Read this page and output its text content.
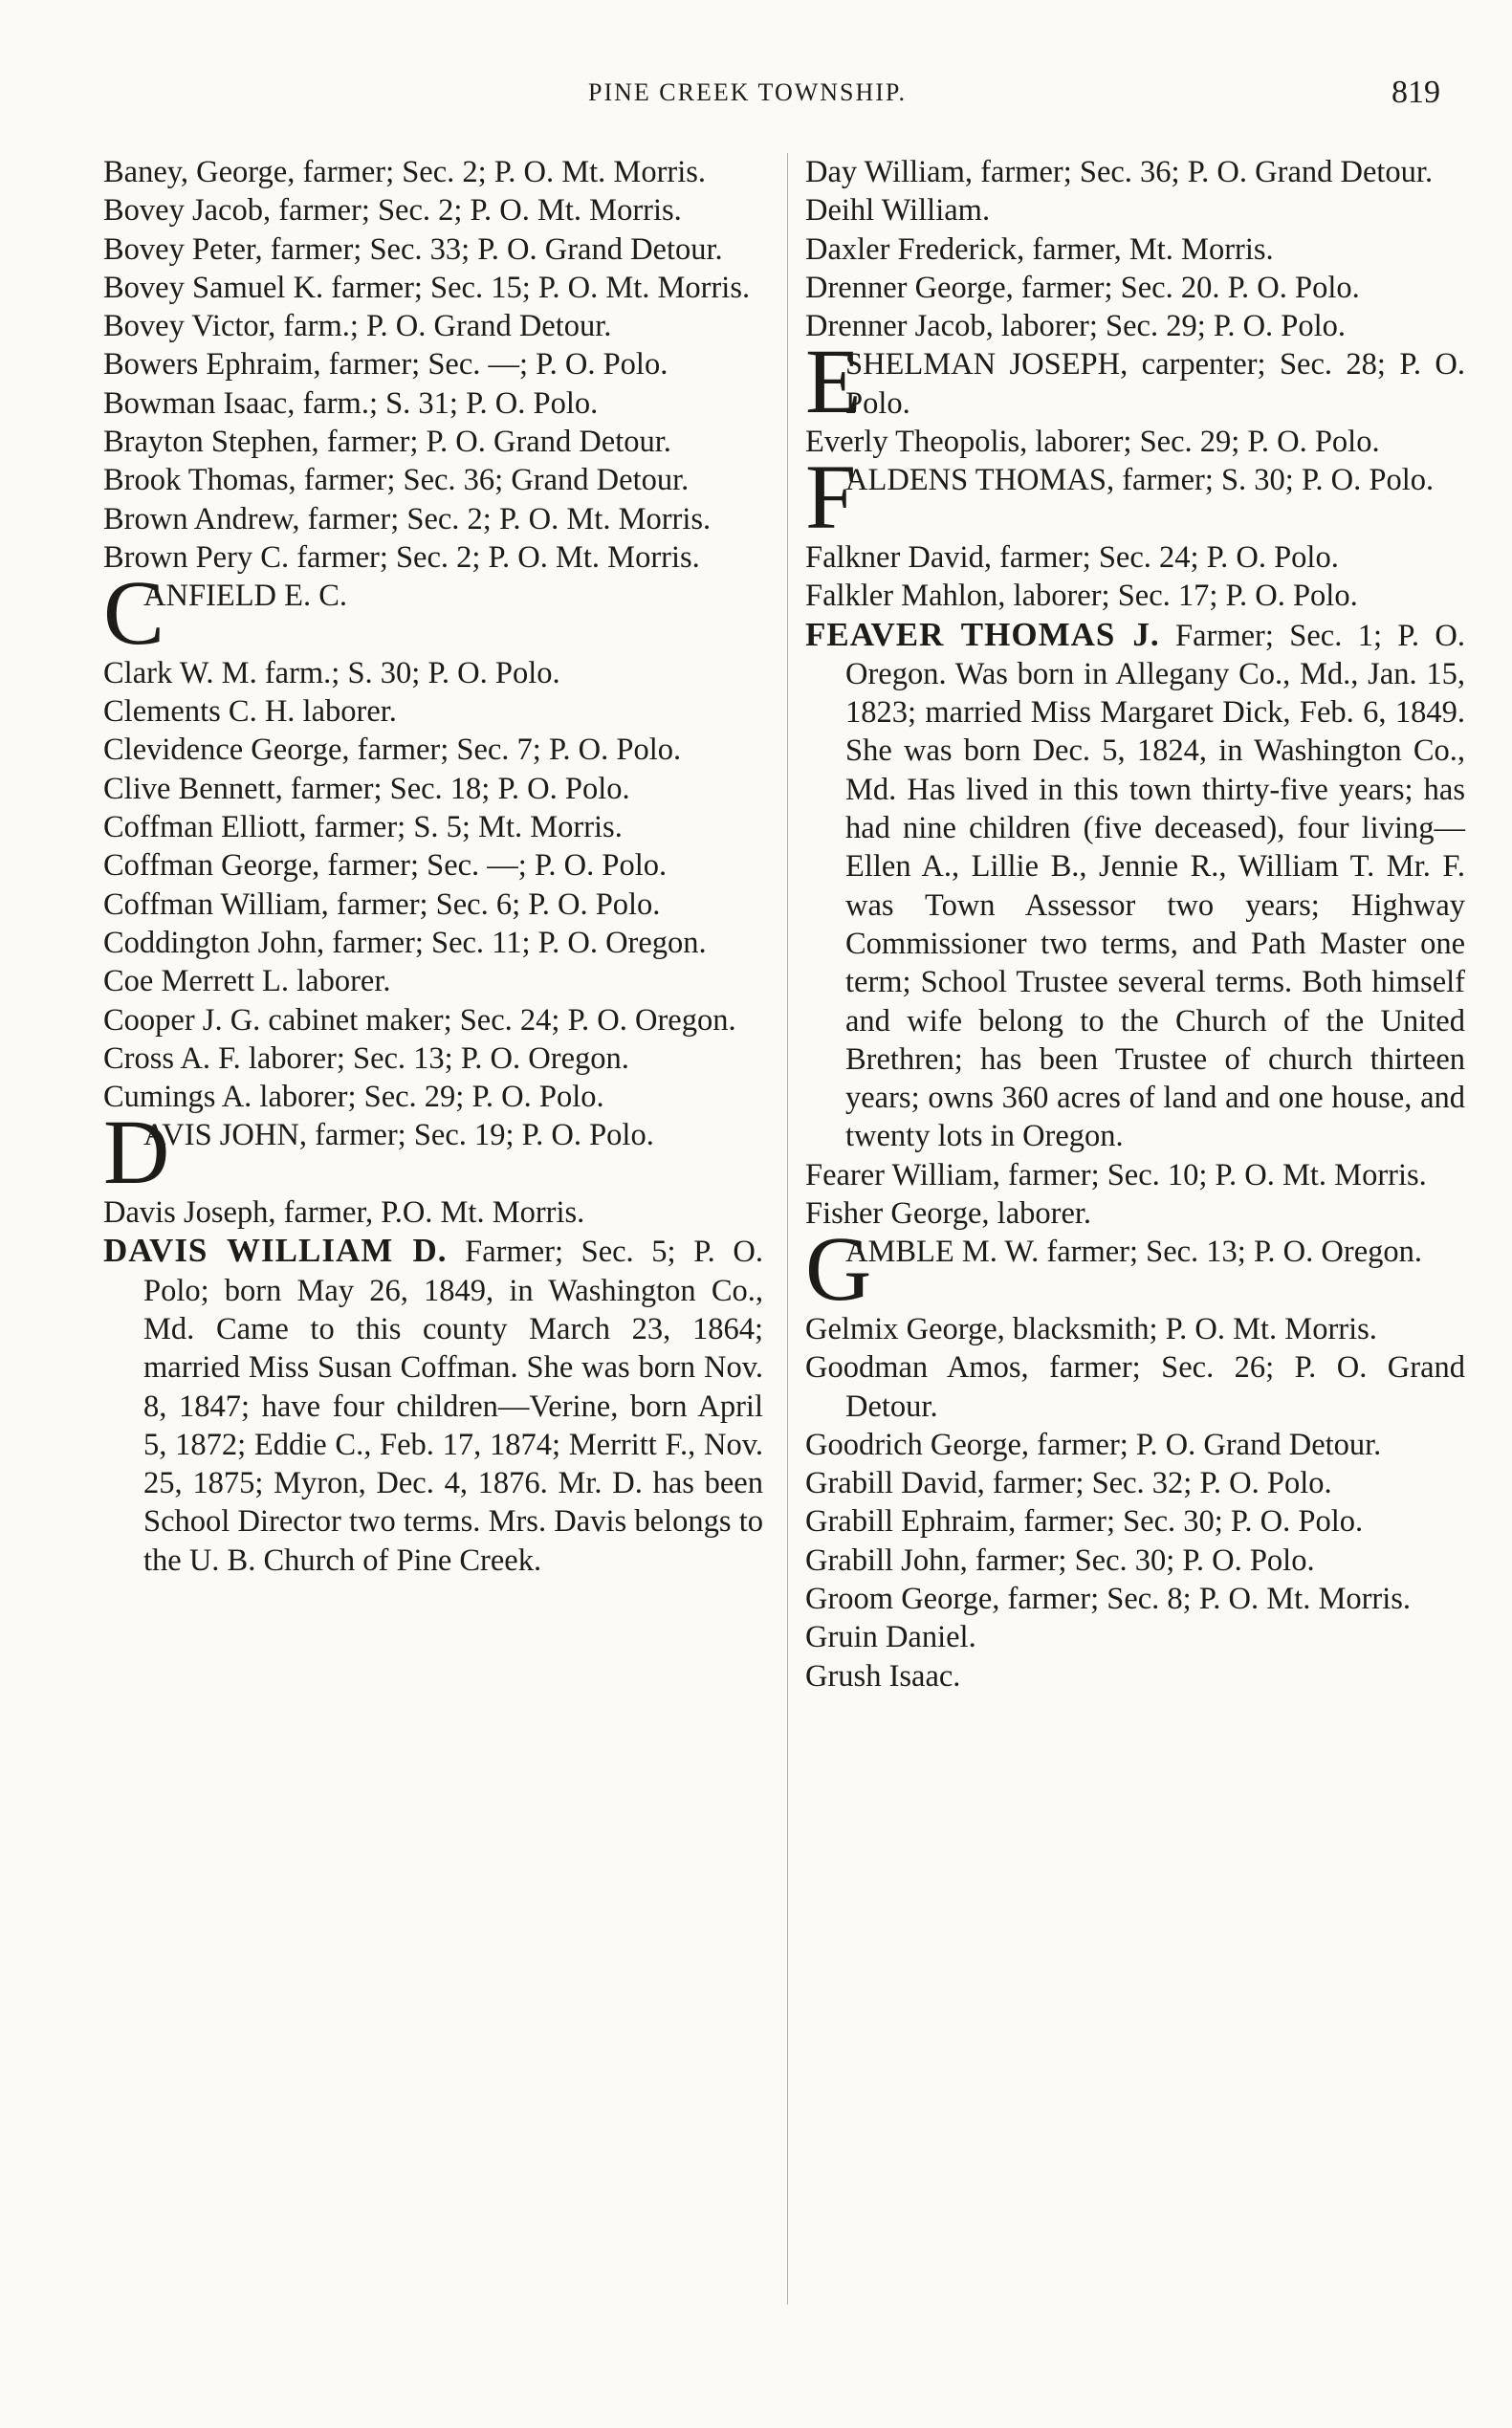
PINE CREEK TOWNSHIP.	819

Baney, George, farmer; Sec. 2; P. O. Mt. Morris.

Bovey Jacob, farmer; Sec. 2; P. O. Mt. Morris.

Bovey Peter, farmer; Sec. 33; P. O. Grand Detour.

Bovey Samuel K. farmer; Sec. 15; P. O. Mt. Morris.

Bovey Victor, farm.; P. O. Grand Detour.

Bowers Ephraim, farmer; Sec. —; P. O. Polo.

Bowman Isaac, farm.; S. 31; P. O. Polo.

Brayton Stephen, farmer; P. O. Grand Detour.

Brook Thomas, farmer; Sec. 36; Grand Detour.

Brown Andrew, farmer; Sec. 2; P. O. Mt. Morris.

Brown Pery C. farmer; Sec. 2; P. O. Mt. Morris.

C
ANFIELD E. C.

Clark W. M. farm.; S. 30; P. O. Polo.

Clements C. H. laborer.

Clevidence George, farmer; Sec. 7; P. O. Polo.

Clive Bennett, farmer; Sec. 18; P. O. Polo.

Coffman Elliott, farmer; S. 5; Mt. Morris.

Coffman George, farmer; Sec. —; P. O. Polo.

Coffman William, farmer; Sec. 6; P. O. Polo.

Coddington John, farmer; Sec. 11; P. O. Oregon.

Coe Merrett L. laborer.

Cooper J. G. cabinet maker; Sec. 24; P. O. Oregon.

Cross A. F. laborer; Sec. 13; P. O. Oregon.

Cumings A. laborer; Sec. 29; P. O. Polo.

D
AVIS JOHN, farmer; Sec. 19; P. O. Polo.

Davis Joseph, farmer, P.O. Mt. Morris.

DAVIS WILLIAM D. Farmer; Sec. 5; P. O. Polo; born May 26, 1849, in Washington Co., Md. Came to this county March 23, 1864; married Miss Susan Coffman. She was born Nov. 8, 1847; have four children—Verine, born April 5, 1872; Eddie C., Feb. 17, 1874; Merritt F., Nov. 25, 1875; Myron, Dec. 4, 1876. Mr. D. has been School Director two terms. Mrs. Davis belongs to the U. B. Church of Pine Creek.

Day William, farmer; Sec. 36; P. O. Grand Detour.

Deihl William.

Daxler Frederick, farmer, Mt. Morris.

Drenner George, farmer; Sec. 20. P. O. Polo.

Drenner Jacob, laborer; Sec. 29; P. O. Polo.

E
SHELMAN JOSEPH, carpenter; Sec. 28; P. O. Polo.

Everly Theopolis, laborer; Sec. 29; P. O. Polo.

F
ALDENS THOMAS, farmer; S. 30; P. O. Polo.

Falkner David, farmer; Sec. 24; P. O. Polo.

Falkler Mahlon, laborer; Sec. 17; P. O. Polo.

FEAVER THOMAS J. Farmer; Sec. 1; P. O. Oregon. Was born in Allegany Co., Md., Jan. 15, 1823; married Miss Margaret Dick, Feb. 6, 1849. She was born Dec. 5, 1824, in Washington Co., Md. Has lived in this town thirty-five years; has had nine children (five deceased), four living—Ellen A., Lillie B., Jennie R., William T. Mr. F. was Town Assessor two years; Highway Commissioner two terms, and Path Master one term; School Trustee several terms. Both himself and wife belong to the Church of the United Brethren; has been Trustee of church thirteen years; owns 360 acres of land and one house, and twenty lots in Oregon.

Fearer William, farmer; Sec. 10; P. O. Mt. Morris.

Fisher George, laborer.

G
AMBLE M. W. farmer; Sec. 13; P. O. Oregon.

Gelmix George, blacksmith; P. O. Mt. Morris.

Goodman Amos, farmer; Sec. 26; P. O. Grand Detour.

Goodrich George, farmer; P. O. Grand Detour.

Grabill David, farmer; Sec. 32; P. O. Polo.

Grabill Ephraim, farmer; Sec. 30; P. O. Polo.

Grabill John, farmer; Sec. 30; P. O. Polo.

Groom George, farmer; Sec. 8; P. O. Mt. Morris.

Gruin Daniel.

Grush Isaac.
